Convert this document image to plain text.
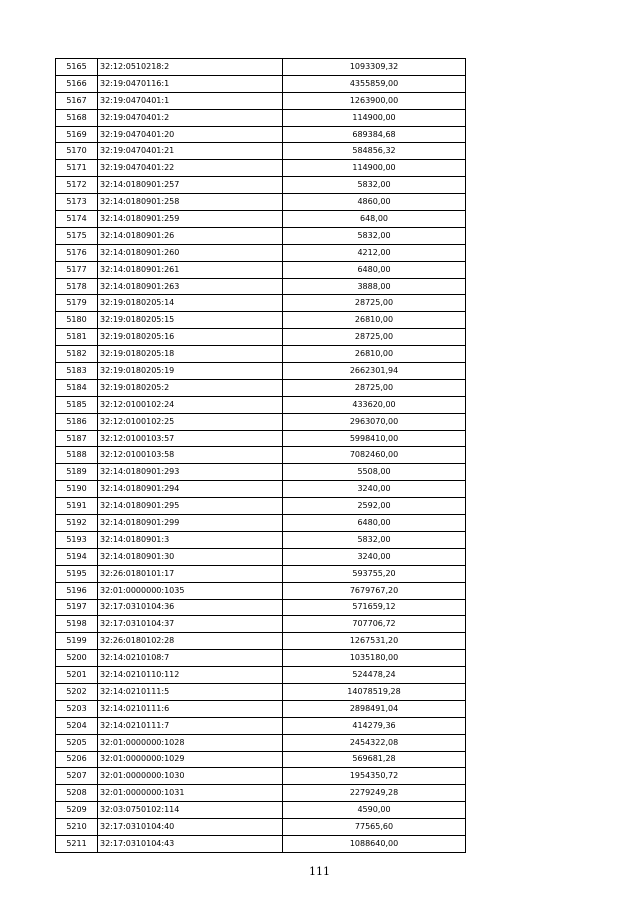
5165	32:12:0510218:2	1093309,32
5166	32:19:0470116:1	4355859,00
5167	32:19:0470401:1	1263900,00
5168	32:19:0470401:2	114900,00
5169	32:19:0470401:20	689384,68
5170	32:19:0470401:21	584856,32
5171	32:19:0470401:22	114900,00
5172	32:14:0180901:257	5832,00
5173	32:14:0180901:258	4860,00
5174	32:14:0180901:259	648,00
5175	32:14:0180901:26	5832,00
5176	32:14:0180901:260	4212,00
5177	32:14:0180901:261	6480,00
5178	32:14:0180901:263	3888,00
5179	32:19:0180205:14	28725,00
5180	32:19:0180205:15	26810,00
5181	32:19:0180205:16	28725,00
5182	32:19:0180205:18	26810,00
5183	32:19:0180205:19	2662301,94
5184	32:19:0180205:2	28725,00
5185	32:12:0100102:24	433620,00
5186	32:12:0100102:25	2963070,00
5187	32:12:0100103:57	5998410,00
5188	32:12:0100103:58	7082460,00
5189	32:14:0180901:293	5508,00
5190	32:14:0180901:294	3240,00
5191	32:14:0180901:295	2592,00
5192	32:14:0180901:299	6480,00
5193	32:14:0180901:3	5832,00
5194	32:14:0180901:30	3240,00
5195	32:26:0180101:17	593755,20
5196	32:01:0000000:1035	7679767,20
5197	32:17:0310104:36	571659,12
5198	32:17:0310104:37	707706,72
5199	32:26:0180102:28	1267531,20
5200	32:14:0210108:7	1035180,00
5201	32:14:0210110:112	524478,24
5202	32:14:0210111:5	14078519,28
5203	32:14:0210111:6	2898491,04
5204	32:14:0210111:7	414279,36
5205	32:01:0000000:1028	2454322,08
5206	32:01:0000000:1029	569681,28
5207	32:01:0000000:1030	1954350,72
5208	32:01:0000000:1031	2279249,28
5209	32:03:0750102:114	4590,00
5210	32:17:0310104:40	77565,60
5211	32:17:0310104:43	1088640,00
111
